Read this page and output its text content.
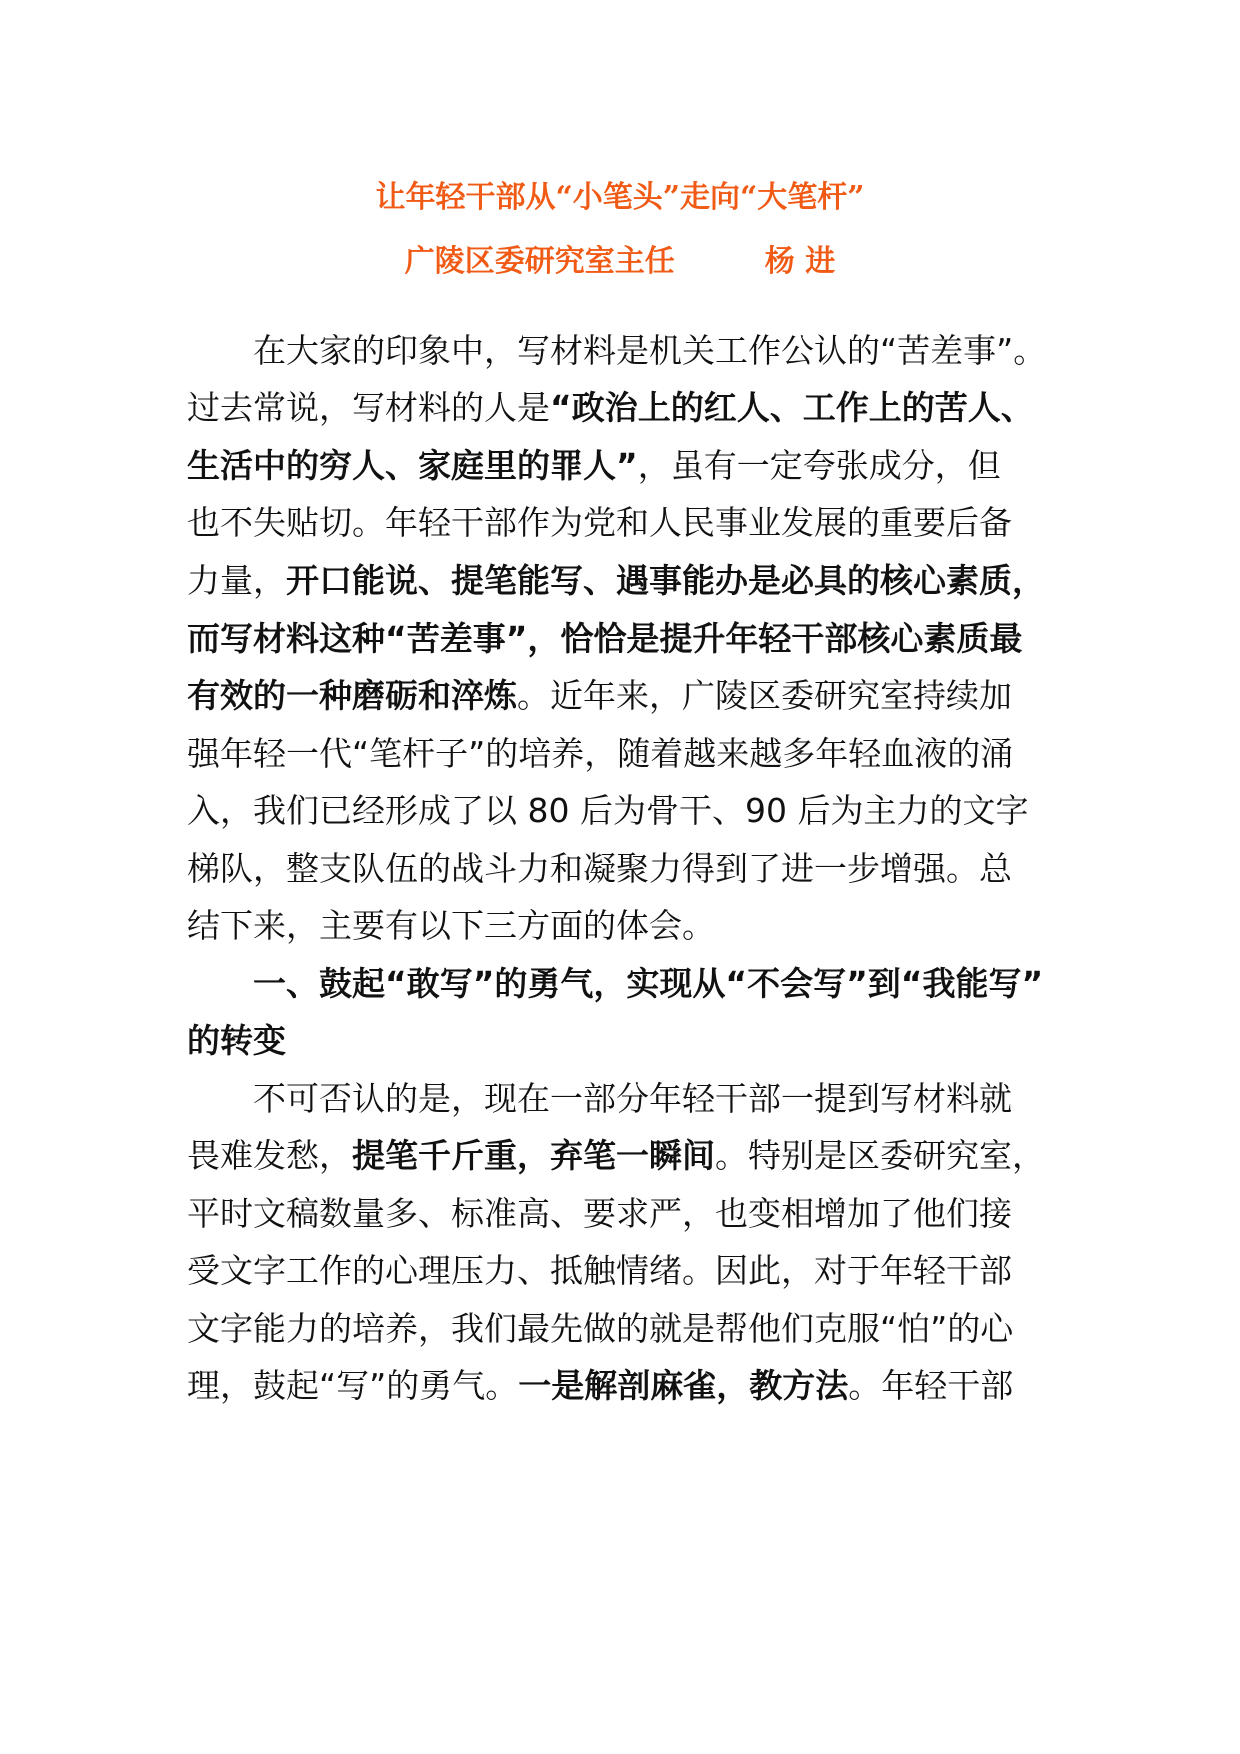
让年轻干部从“小笔头”走向“大笔杆”
广陵区委研究室主任	杨 进
在大家的印象中，写材料是机关工作公认的“苦差事”。
过去常说，写材料的人是“政治上的红人、工作上的苦人、
生活中的穷人、家庭里的罪人”，虽有一定夸张成分，但
也不失贴切。年轻干部作为党和人民事业发展的重要后备
力量，开口能说、提笔能写、遇事能办是必具的核心素质，
而写材料这种“苦差事”，恰恰是提升年轻干部核心素质最
有效的一种磨砺和淬炼。近年来，广陵区委研究室持续加
强年轻一代“笔杆子”的培养，随着越来越多年轻血液的涌
入，我们已经形成了以 80 后为骨干、90 后为主力的文字
梯队，整支队伍的战斗力和凝聚力得到了进一步增强。总
结下来，主要有以下三方面的体会。
一、鼓起“敢写”的勇气，实现从“不会写”到“我能写”
的转变
不可否认的是，现在一部分年轻干部一提到写材料就
畏难发愁，提笔千斤重，弃笔一瞬间。特别是区委研究室，
平时文稿数量多、标准高、要求严，也变相增加了他们接
受文字工作的心理压力、抵触情绪。因此，对于年轻干部
文字能力的培养，我们最先做的就是帮他们克服“怕”的心
理，鼓起“写”的勇气。一是解剖麻雀，教方法。年轻干部
